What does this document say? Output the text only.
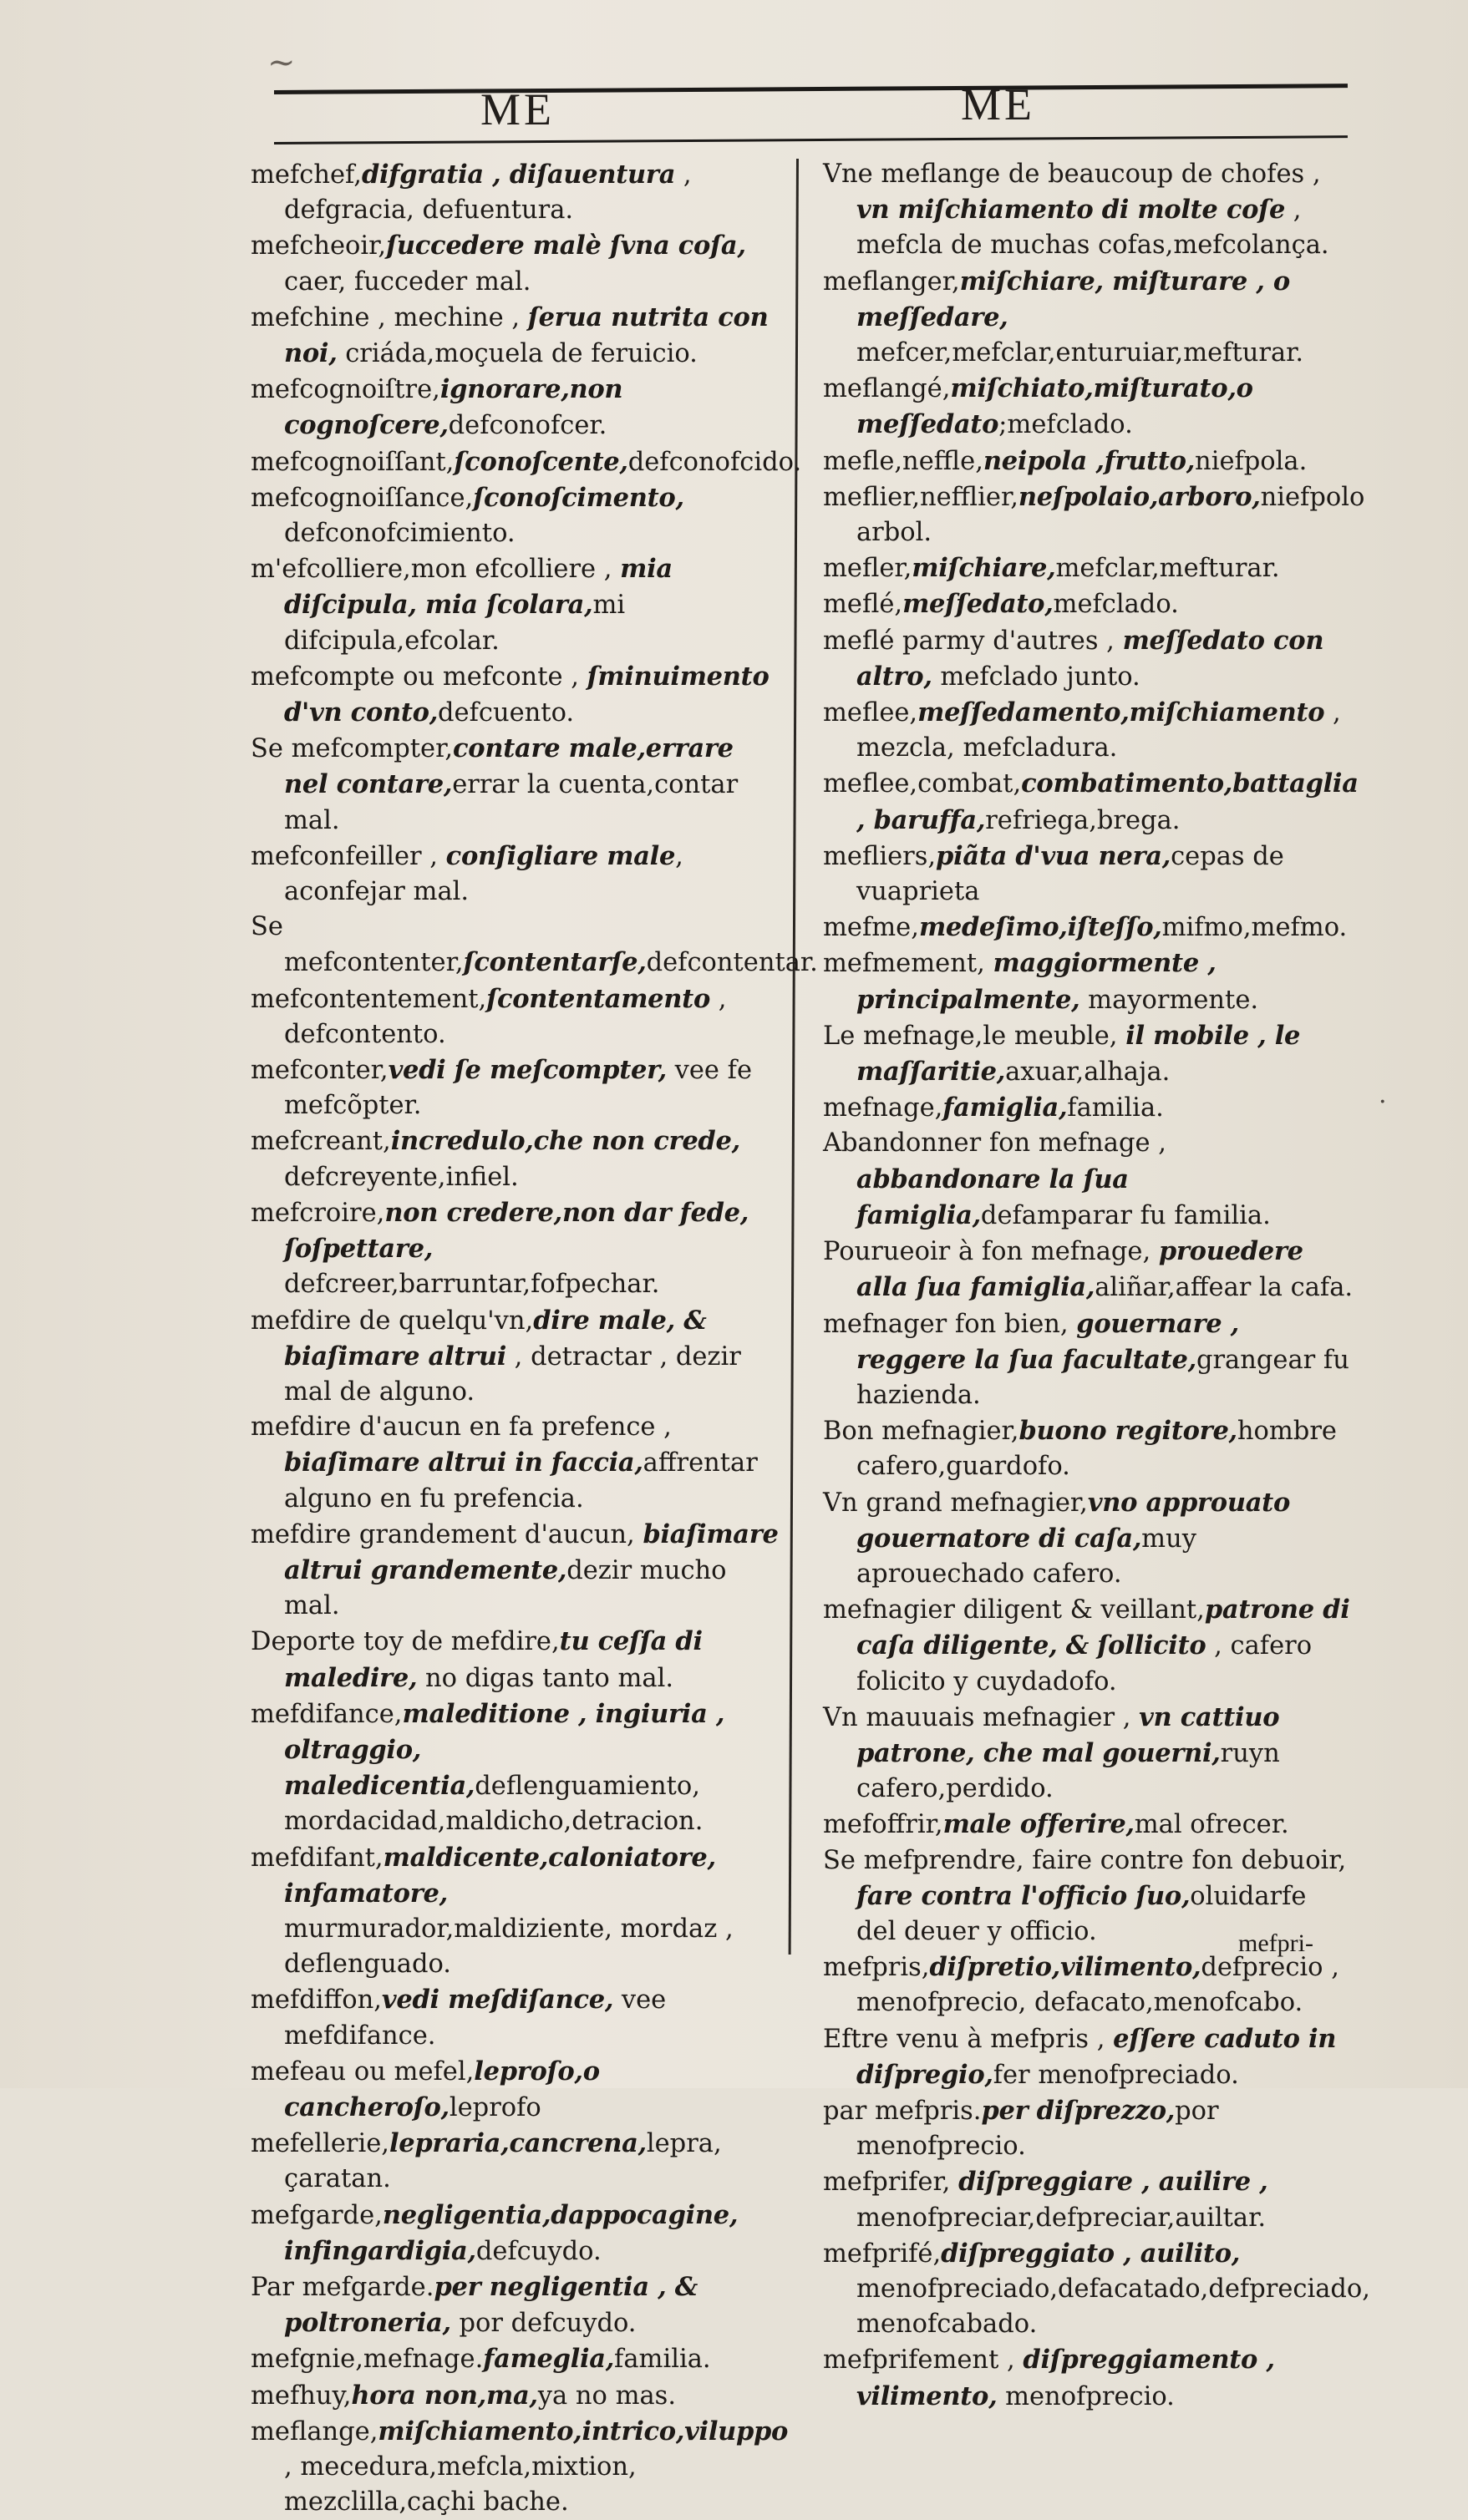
~
ME	ME
mefchef,difgratia , diſauentura , defgracia, defuentura.
mefcheoir,ſuccedere malè ſvna coſa, caer, fucceder mal.
mefchine , mechine , ſerua nutrita con noi, criáda,moçuela de feruicio.
mefcognoiſtre,ignorare,non cognoſcere,defconofcer.
mefcognoiſſant,ſconoſcente,defconofcido.
mefcognoiſſance,ſconoſcimento, defconofcimiento.
m'efcolliere,mon efcolliere , mia diſcipula, mia ſcolara,mi difcipula,efcolar.
mefcompte ou mefconte , ſminuimento d'vn conto,defcuento.
Se mefcompter,contare male,errare nel contare,errar la cuenta,contar mal.
mefconfeiller , conſigliare male, aconfejar mal.
Se mefcontenter,ſcontentarſe,defcontentar.
mefcontentement,ſcontentamento , defcontento.
mefconter,vedi ſe meſcompter, vee fe mefcõpter.
mefcreant,incredulo,che non crede, defcreyente,infiel.
mefcroire,non credere,non dar fede, ſoſpettare, defcreer,barruntar,fofpechar.
mefdire de quelqu'vn,dire male, & biaſimare altrui , detractar , dezir mal de alguno.
mefdire d'aucun en fa prefence , biaſimare altrui in faccia,affrentar alguno en fu prefencia.
mefdire grandement d'aucun, biaſimare altrui grandemente,dezir mucho mal.
Deporte toy de mefdire,tu ceſſa di maledire, no digas tanto mal.
mefdifance,maleditione , ingiuria , oltraggio, maledicentia,deflenguamiento, mordacidad,maldicho,detracion.
mefdifant,maldicente,caloniatore, infamatore, murmurador,maldiziente, mordaz , deflenguado.
mefdiffon,vedi meſdiſance, vee mefdifance.
mefeau ou mefel,leproſo,o cancheroſo,leprofo
mefellerie,lepraria,cancrena,lepra, çaratan.
mefgarde,negligentia,dappocagine, infingardigia,defcuydo.
Par mefgarde.per negligentia , & poltroneria, por defcuydo.
mefgnie,mefnage.fameglia,familia.
mefhuy,hora non,ma,ya no mas.
meflange,miſchiamento,intrico,viluppo , mecedura,mefcla,mixtion, mezclilla,caçhi bache.
Vne meflange de beaucoup de chofes , vn miſchiamento di molte coſe , mefcla de muchas cofas,mefcolança.
meflanger,miſchiare, miſturare , o meſſedare, mefcer,mefclar,enturuiar,mefturar.
meflangé,miſchiato,miſturato,o meſſedato;mefclado.
mefle,neffle,neipola ,frutto,niefpola.
meflier,nefflier,neſpolaio,arboro,niefpolo arbol.
mefler,miſchiare,mefclar,mefturar.
meflé,meſſedato,mefclado.
meflé parmy d'autres , meſſedato con altro, mefclado junto.
meflee,meſſedamento,miſchiamento , mezcla, mefcladura.
meflee,combat,combatimento,battaglia , baruffa,refriega,brega.
mefliers,piãta d'vua nera,cepas de vuaprieta
mefme,medeſimo,iſteſſo,mifmo,mefmo.
mefmement, maggiormente , principalmente, mayormente.
Le mefnage,le meuble, il mobile , le maſſaritie,axuar,alhaja.
mefnage,famiglia,familia.
Abandonner fon mefnage , abbandonare la ſua famiglia,defamparar fu familia.
Pourueoir à fon mefnage, prouedere alla ſua famiglia,aliñar,affear la cafa.
mefnager fon bien, gouernare , reggere la ſua facultate,grangear fu hazienda.
Bon mefnagier,buono regitore,hombre cafero,guardofo.
Vn grand mefnagier,vno approuato gouernatore di caſa,muy aprouechado cafero.
mefnagier diligent & veillant,patrone di caſa diligente, & ſollicito , cafero folicito y cuydadofo.
Vn mauuais mefnagier , vn cattiuo patrone, che mal gouerni,ruyn cafero,perdido.
mefoffrir,male offerire,mal ofrecer.
Se mefprendre, faire contre fon debuoir, fare contra l'officio ſuo,oluidarfe del deuer y officio.
mefpris,diſpretio,vilimento,defprecio , menofprecio, defacato,menofcabo.
Eftre venu à mefpris , eſſere caduto in diſpregio,fer menofpreciado.
par mefpris.per diſprezzo,por menofprecio.
mefprifer, diſpreggiare , auilire , menofpreciar,defpreciar,auiltar.
mefprifé,diſpreggiato , auilito, menofpreciado,defacatado,defpreciado, menofcabado.
mefprifement , diſpreggiamento , vilimento, menofprecio.
·
mefpri-
